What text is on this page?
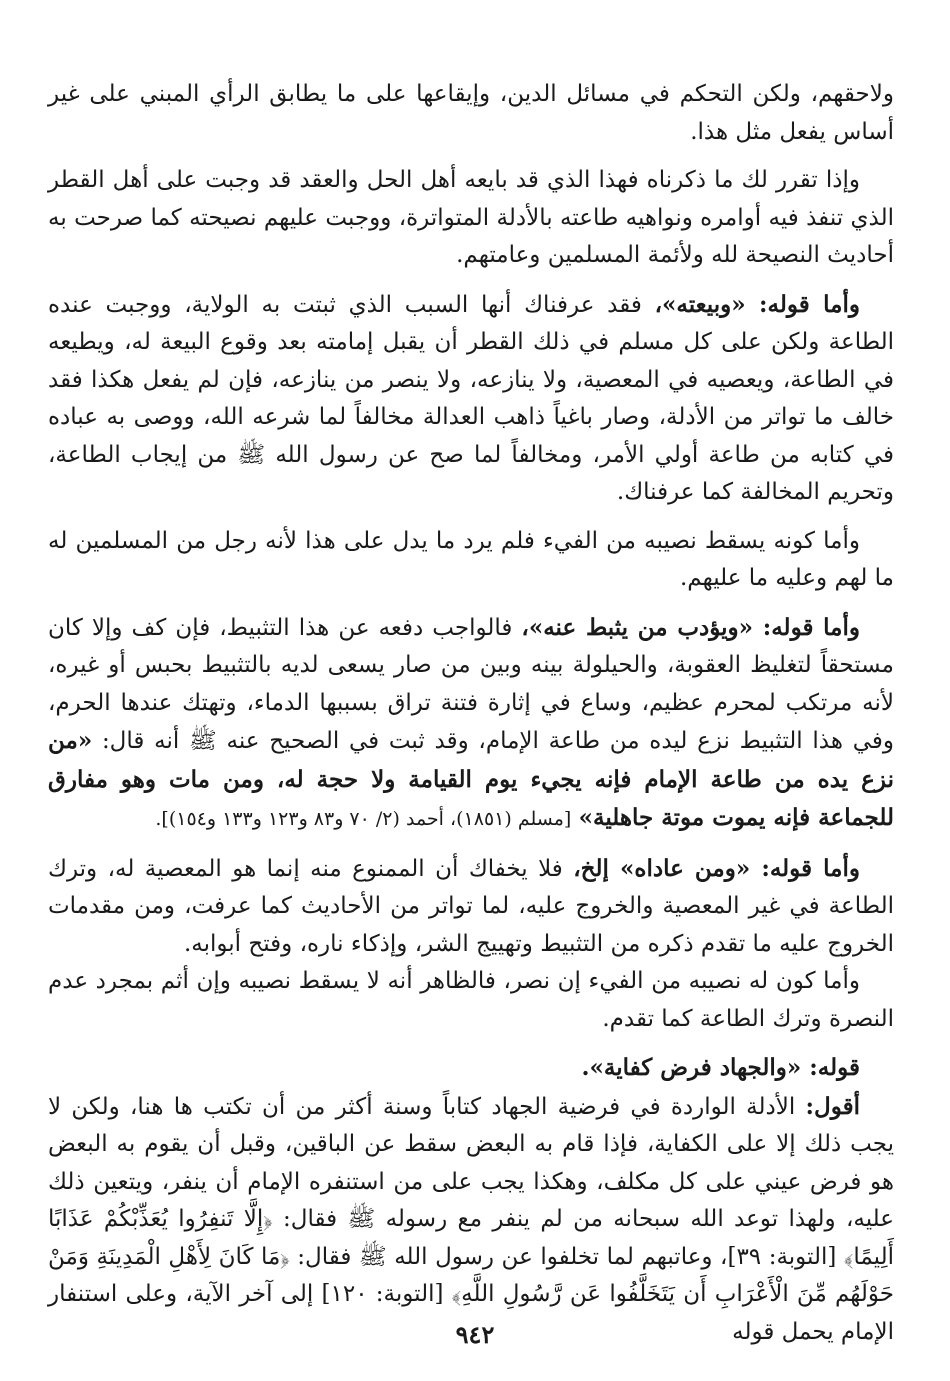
ولاحقهم، ولكن التحكم في مسائل الدين، وإيقاعها على ما يطابق الرأي المبني على غير أساس يفعل مثل هذا.

وإذا تقرر لك ما ذكرناه فهذا الذي قد بايعه أهل الحل والعقد قد وجبت على أهل القطر الذي تنفذ فيه أوامره ونواهيه طاعته بالأدلة المتواترة، ووجبت عليهم نصيحته كما صرحت به أحاديث النصيحة لله ولأئمة المسلمين وعامتهم.

وأما قوله: «وبيعته»، فقد عرفناك أنها السبب الذي ثبتت به الولاية، ووجبت عنده الطاعة ولكن على كل مسلم في ذلك القطر أن يقبل إمامته بعد وقوع البيعة له، ويطيعه في الطاعة، ويعصيه في المعصية، ولا ينازعه، ولا ينصر من ينازعه، فإن لم يفعل هكذا فقد خالف ما تواتر من الأدلة، وصار باغياً ذاهب العدالة مخالفاً لما شرعه الله، ووصى به عباده في كتابه من طاعة أولي الأمر، ومخالفاً لما صح عن رسول الله ﷺ من إيجاب الطاعة، وتحريم المخالفة كما عرفناك.

وأما كونه يسقط نصيبه من الفيء فلم يرد ما يدل على هذا لأنه رجل من المسلمين له ما لهم وعليه ما عليهم.

وأما قوله: «ويؤدب من يثبط عنه»، فالواجب دفعه عن هذا التثبيط، فإن كف وإلا كان مستحقاً لتغليظ العقوبة، والحيلولة بينه وبين من صار يسعى لديه بالتثبيط بحبس أو غيره، لأنه مرتكب لمحرم عظيم، وساع في إثارة فتنة تراق بسببها الدماء، وتهتك عندها الحرم، وفي هذا التثبيط نزع ليده من طاعة الإمام، وقد ثبت في الصحيح عنه ﷺ أنه قال: «من نزع يده من طاعة الإمام فإنه يجيء يوم القيامة ولا حجة له، ومن مات وهو مفارق للجماعة فإنه يموت موتة جاهلية» [مسلم (١٨٥١)، أحمد (٢/ ٧٠ و٨٣ و١٢٣ و١٣٣ و١٥٤)].

وأما قوله: «ومن عاداه» إلخ، فلا يخفاك أن الممنوع منه إنما هو المعصية له، وترك الطاعة في غير المعصية والخروج عليه، لما تواتر من الأحاديث كما عرفت، ومن مقدمات الخروج عليه ما تقدم ذكره من التثبيط وتهييج الشر، وإذكاء ناره، وفتح أبوابه.

وأما كون له نصيبه من الفيء إن نصر، فالظاهر أنه لا يسقط نصيبه وإن أثم بمجرد عدم النصرة وترك الطاعة كما تقدم.

قوله: «والجهاد فرض كفاية».

أقول: الأدلة الواردة في فرضية الجهاد كتاباً وسنة أكثر من أن تكتب ها هنا، ولكن لا يجب ذلك إلا على الكفاية، فإذا قام به البعض سقط عن الباقين، وقبل أن يقوم به البعض هو فرض عيني على كل مكلف، وهكذا يجب على من استنفره الإمام أن ينفر، ويتعين ذلك عليه، ولهذا توعد الله سبحانه من لم ينفر مع رسوله ﷺ فقال: ﴿إِلَّا تَنفِرُوا يُعَذِّبْكُمْ عَذَابًا أَلِيمًا﴾ [التوبة: ٣٩]، وعاتبهم لما تخلفوا عن رسول الله ﷺ فقال: ﴿مَا كَانَ لِأَهْلِ الْمَدِينَةِ وَمَنْ حَوْلَهُم مِّنَ الْأَعْرَابِ أَن يَتَخَلَّفُوا عَن رَّسُولِ اللَّهِ﴾ [التوبة: ١٢٠] إلى آخر الآية، وعلى استنفار الإمام يحمل قوله

٩٤٢
